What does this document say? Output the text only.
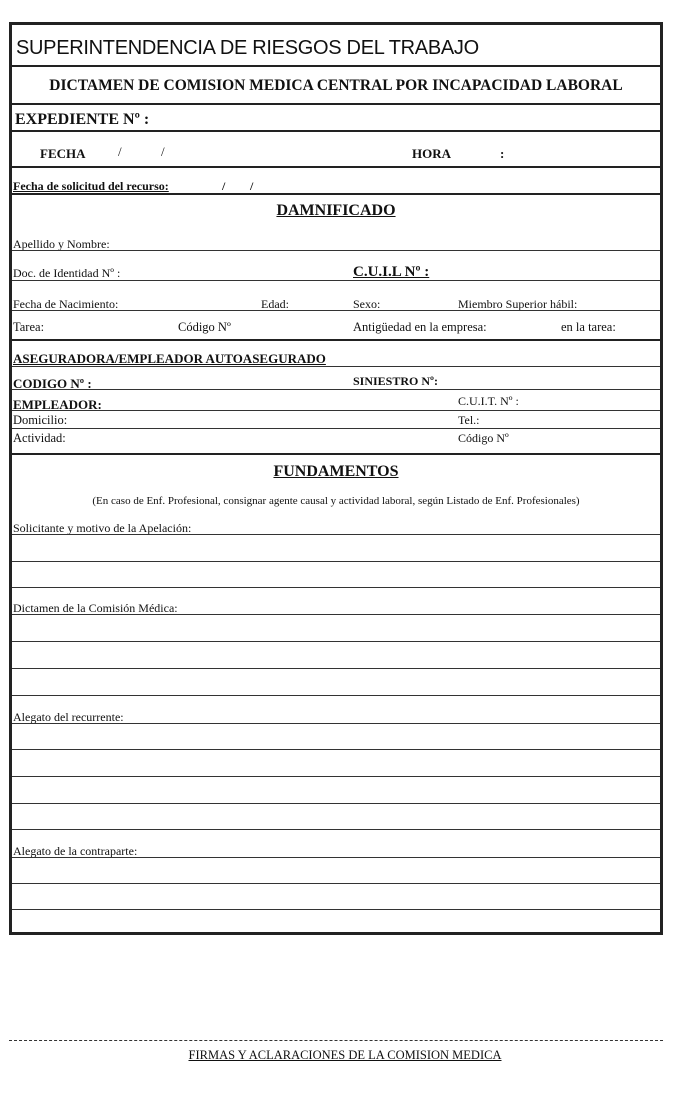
SUPERINTENDENCIA DE RIESGOS DEL TRABAJO
DICTAMEN DE COMISION MEDICA CENTRAL POR INCAPACIDAD LABORAL
EXPEDIENTE Nº :
FECHA	/	/	HORA	:
Fecha de solicitud del recurso:	/ /
DAMNIFICADO
Apellido y Nombre:
Doc. de Identidad Nº :	C.U.I.L Nº :
Fecha de Nacimiento:	Edad:	Sexo:	Miembro Superior hábil:
Tarea:	Código Nº	Antigüedad en la empresa:	en la tarea:
ASEGURADORA/EMPLEADOR AUTOASEGURADO
CODIGO Nº :	SINIESTRO Nº:
EMPLEADOR:	C.U.I.T. Nº :
Domicilio:	Tel.:
Actividad:	Código Nº
FUNDAMENTOS
(En caso de Enf. Profesional, consignar agente causal y actividad laboral, según Listado de Enf. Profesionales)
Solicitante y motivo de la Apelación:
Dictamen de la Comisión Médica:
Alegato del recurrente:
Alegato de la contraparte:
FIRMAS Y ACLARACIONES DE LA COMISION MEDICA
